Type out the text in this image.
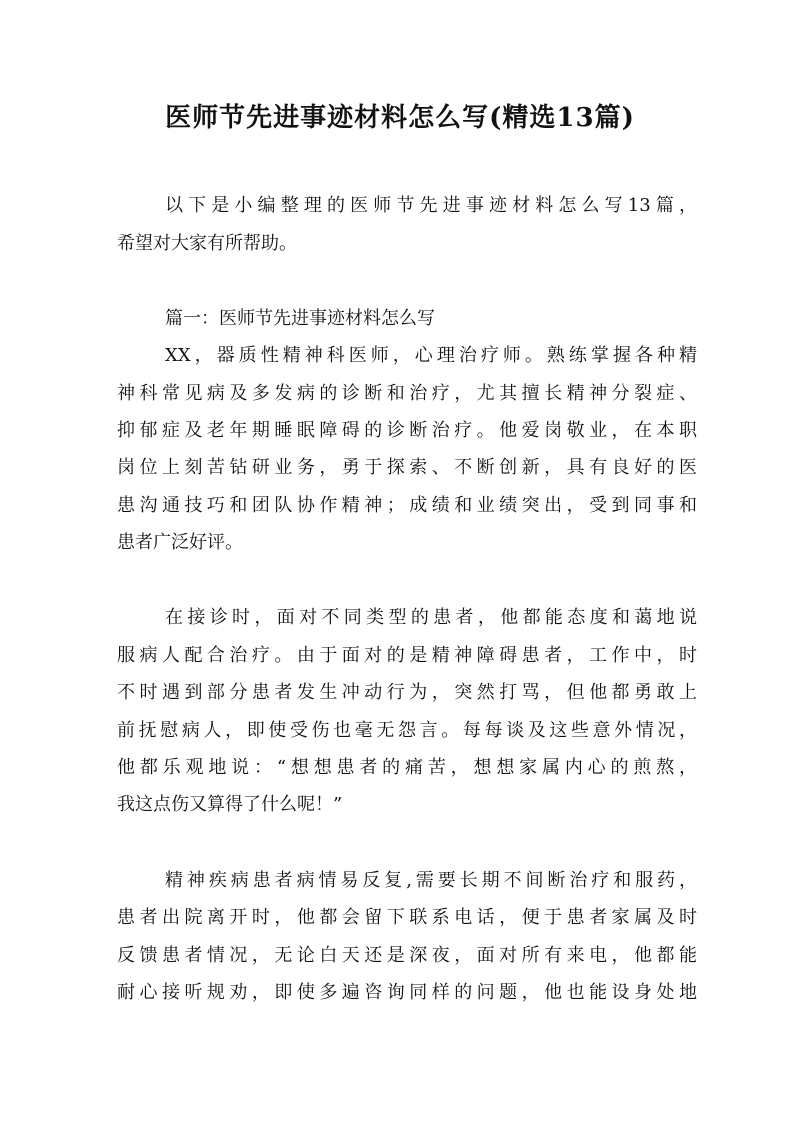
医师节先进事迹材料怎么写(精选13篇)
以下是小编整理的医师节先进事迹材料怎么写13篇，
希望对大家有所帮助。
篇一：医师节先进事迹材料怎么写
XX，器质性精神科医师，心理治疗师。熟练掌握各种精
神科常见病及多发病的诊断和治疗，尤其擅长精神分裂症、
抑郁症及老年期睡眠障碍的诊断治疗。他爱岗敬业，在本职
岗位上刻苦钻研业务，勇于探索、不断创新，具有良好的医
患沟通技巧和团队协作精神；成绩和业绩突出，受到同事和
患者广泛好评。
在接诊时，面对不同类型的患者，他都能态度和蔼地说
服病人配合治疗。由于面对的是精神障碍患者，工作中，时
不时遇到部分患者发生冲动行为，突然打骂，但他都勇敢上
前抚慰病人，即使受伤也毫无怨言。每每谈及这些意外情况，
他都乐观地说：“想想患者的痛苦，想想家属内心的煎熬，
我这点伤又算得了什么呢！”
精神疾病患者病情易反复,需要长期不间断治疗和服药，
患者出院离开时，他都会留下联系电话，便于患者家属及时
反馈患者情况，无论白天还是深夜，面对所有来电，他都能
耐心接听规劝，即使多遍咨询同样的问题，他也能设身处地
